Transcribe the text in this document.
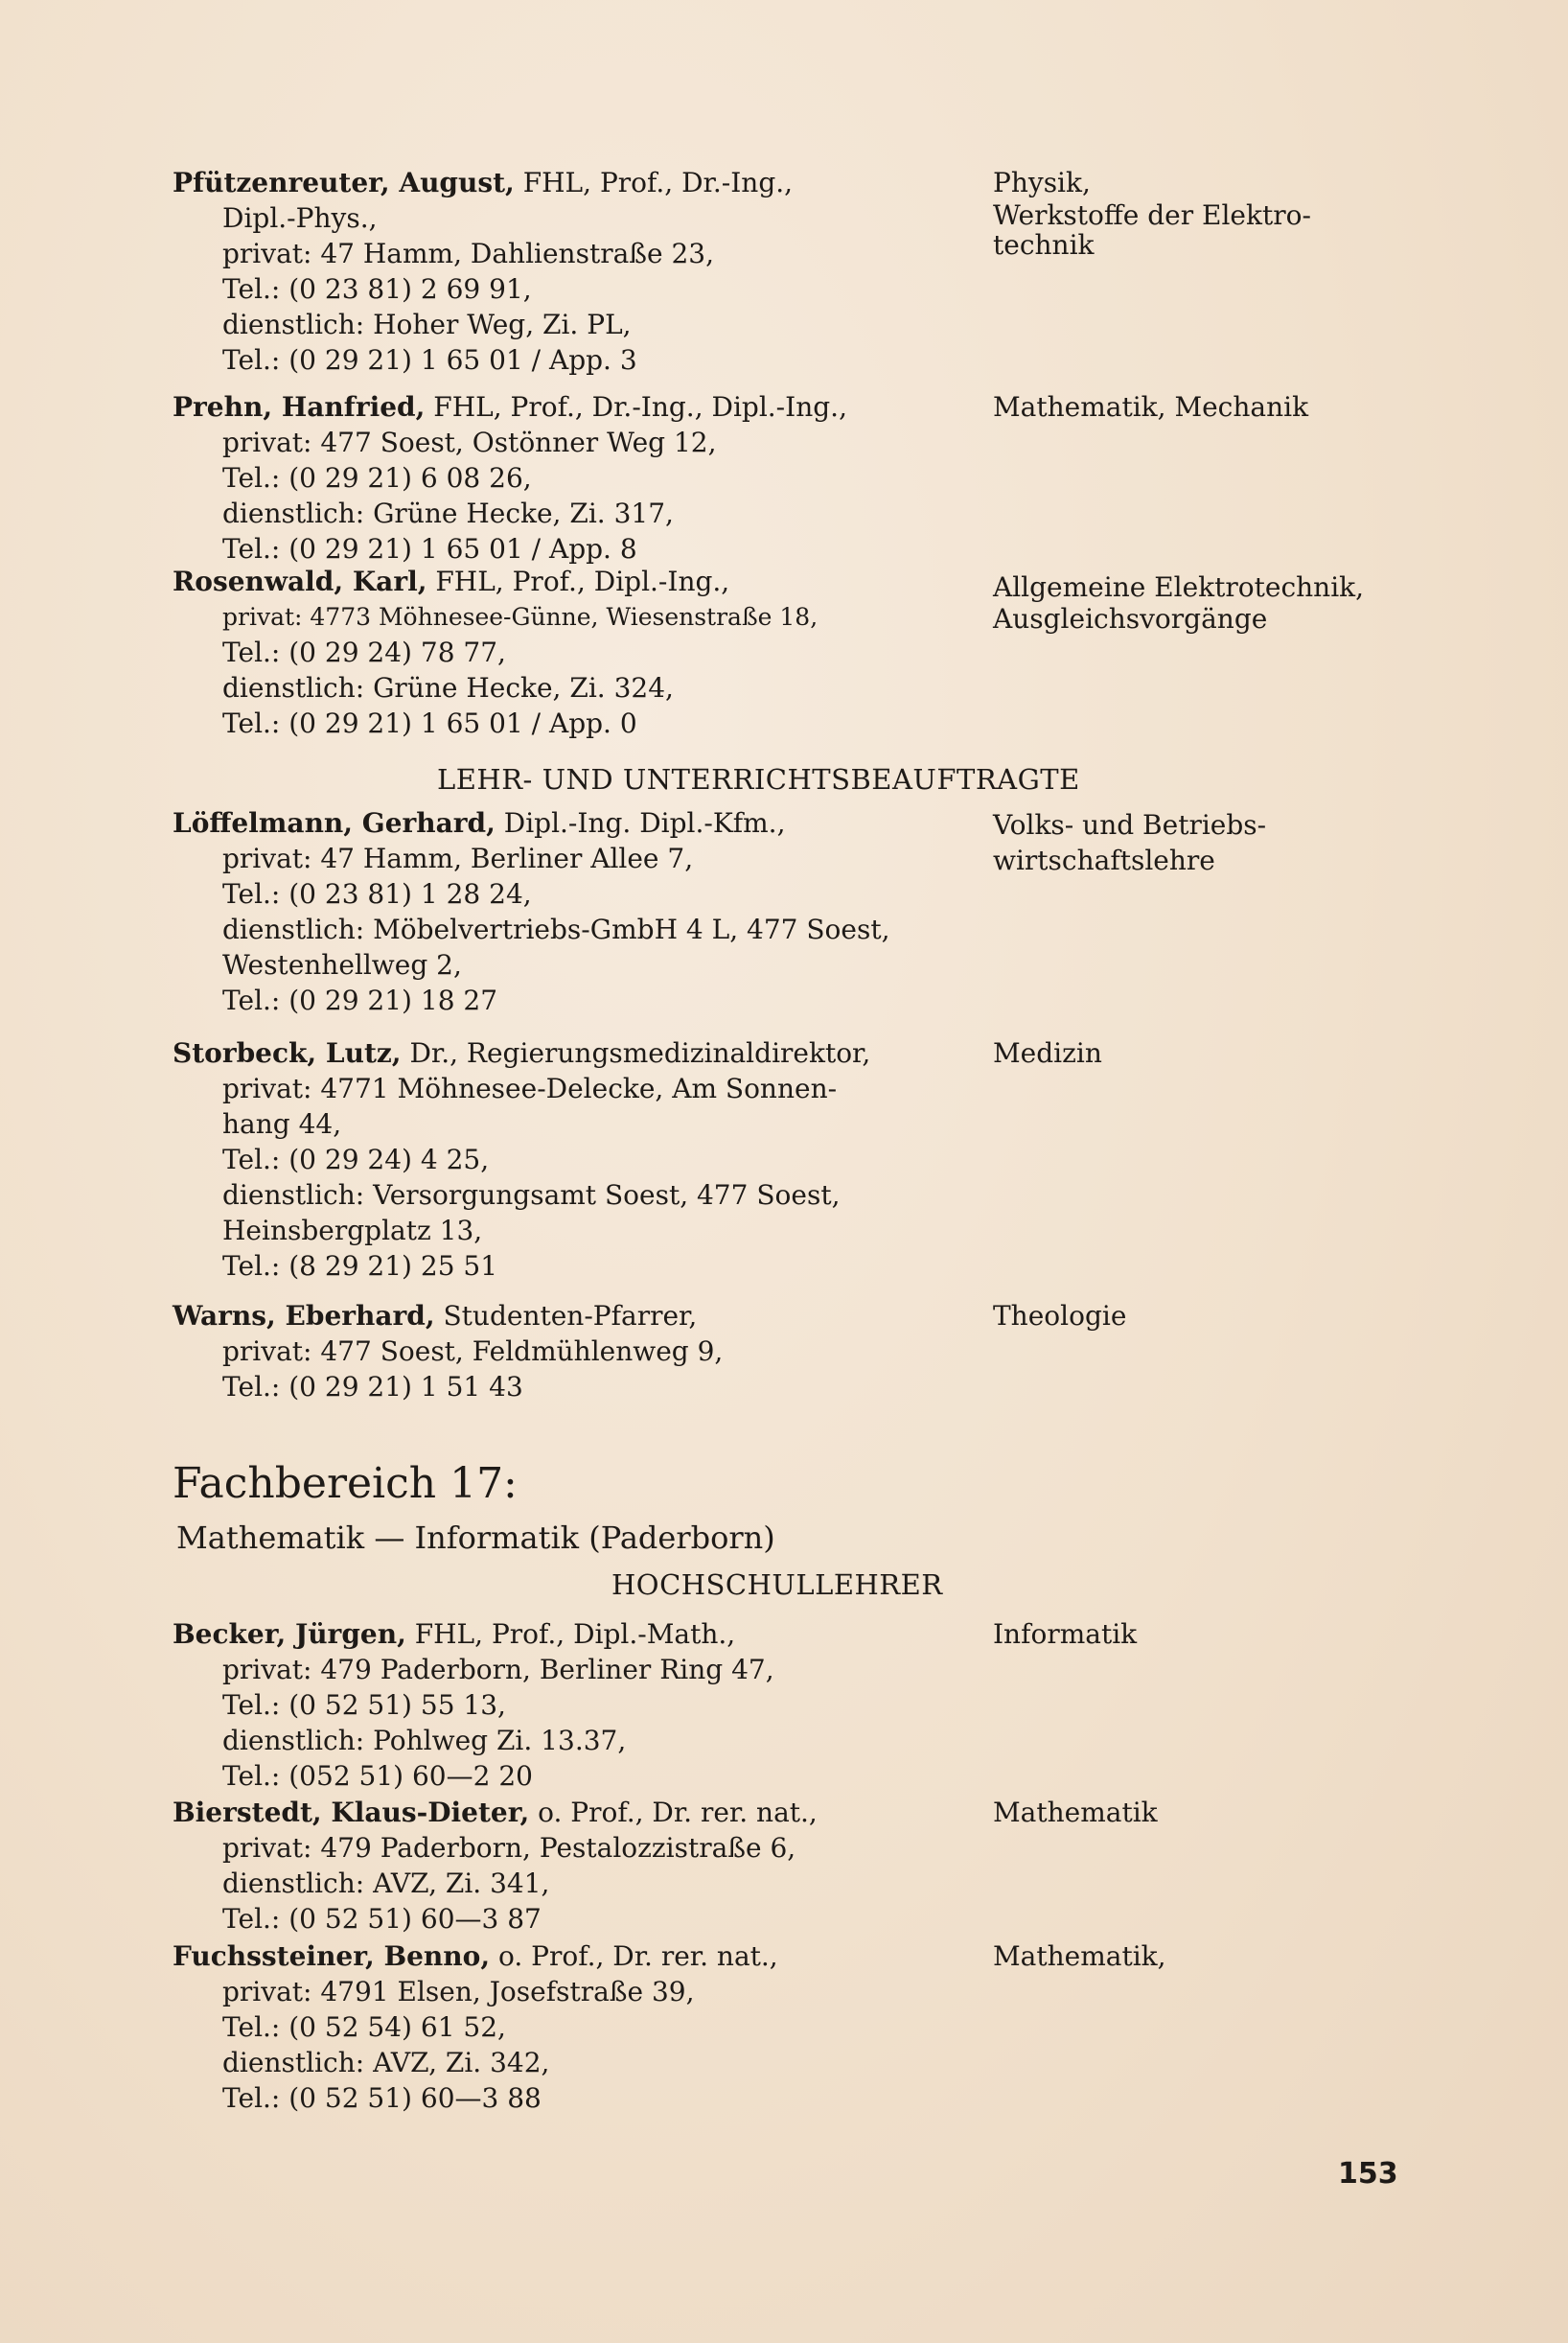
Pfützenreuter, August, FHL, Prof., Dr.-Ing.,
Dipl.-Phys.,
privat: 47 Hamm, Dahlienstraße 23,
Tel.: (0 23 81) 2 69 91,
dienstlich: Hoher Weg, Zi. PL,
Tel.: (0 29 21) 1 65 01 / App. 3
Physik,
Werkstoffe der Elektro-
technik
Prehn, Hanfried, FHL, Prof., Dr.-Ing., Dipl.-Ing.,
privat: 477 Soest, Ostönner Weg 12,
Tel.: (0 29 21) 6 08 26,
dienstlich: Grüne Hecke, Zi. 317,
Tel.: (0 29 21) 1 65 01 / App. 8
Mathematik, Mechanik
Rosenwald, Karl, FHL, Prof., Dipl.-Ing.,
privat: 4773 Möhnesee-Günne, Wiesenstraße 18,
Tel.: (0 29 24) 78 77,
dienstlich: Grüne Hecke, Zi. 324,
Tel.: (0 29 21) 1 65 01 / App. 0
Allgemeine Elektrotechnik,
Ausgleichsvorgänge
LEHR- UND UNTERRICHTSBEAUFTRAGTE
Löffelmann, Gerhard, Dipl.-Ing. Dipl.-Kfm.,
privat: 47 Hamm, Berliner Allee 7,
Tel.: (0 23 81) 1 28 24,
dienstlich: Möbelvertriebs-GmbH 4 L, 477 Soest,
Westenhellweg 2,
Tel.: (0 29 21) 18 27
Volks- und Betriebs-
wirtschaftslehre
Storbeck, Lutz, Dr., Regierungsmedizinaldirektor,
privat: 4771 Möhnesee-Delecke, Am Sonnen-
hang 44,
Tel.: (0 29 24) 4 25,
dienstlich: Versorgungsamt Soest, 477 Soest,
Heinsbergplatz 13,
Tel.: (8 29 21) 25 51
Medizin
Warns, Eberhard, Studenten-Pfarrer,
privat: 477 Soest, Feldmühlenweg 9,
Tel.: (0 29 21) 1 51 43
Theologie
Fachbereich 17:
Mathematik — Informatik (Paderborn)
HOCHSCHULLEHRER
Becker, Jürgen, FHL, Prof., Dipl.-Math.,
privat: 479 Paderborn, Berliner Ring 47,
Tel.: (0 52 51) 55 13,
dienstlich: Pohlweg Zi. 13.37,
Tel.: (052 51) 60—2 20
Informatik
Bierstedt, Klaus-Dieter, o. Prof., Dr. rer. nat.,
privat: 479 Paderborn, Pestalozzistraße 6,
dienstlich: AVZ, Zi. 341,
Tel.: (0 52 51) 60—3 87
Mathematik
Fuchssteiner, Benno, o. Prof., Dr. rer. nat.,
privat: 4791 Elsen, Josefstraße 39,
Tel.: (0 52 54) 61 52,
dienstlich: AVZ, Zi. 342,
Tel.: (0 52 51) 60—3 88
Mathematik,
153
